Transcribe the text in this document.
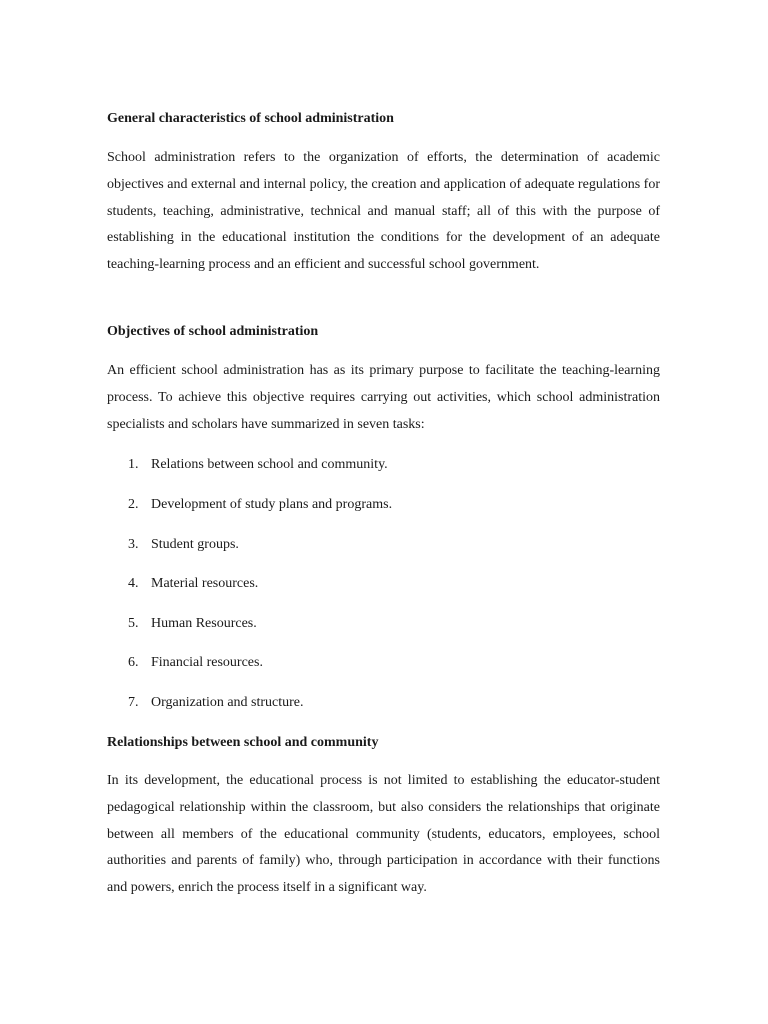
General characteristics of school administration

School administration refers to the organization of efforts, the determination of academic objectives and external and internal policy, the creation and application of adequate regulations for students, teaching, administrative, technical and manual staff; all of this with the purpose of establishing in the educational institution the conditions for the development of an adequate teaching-learning process and an efficient and successful school government.

Objectives of school administration

An efficient school administration has as its primary purpose to facilitate the teaching-learning process. To achieve this objective requires carrying out activities, which school administration specialists and scholars have summarized in seven tasks:

1. Relations between school and community.
2. Development of study plans and programs.
3. Student groups.
4. Material resources.
5. Human Resources.
6. Financial resources.
7. Organization and structure.
Relationships between school and community

In its development, the educational process is not limited to establishing the educator-student pedagogical relationship within the classroom, but also considers the relationships that originate between all members of the educational community (students, educators, employees, school authorities and parents of family) who, through participation in accordance with their functions and powers, enrich the process itself in a significant way.
